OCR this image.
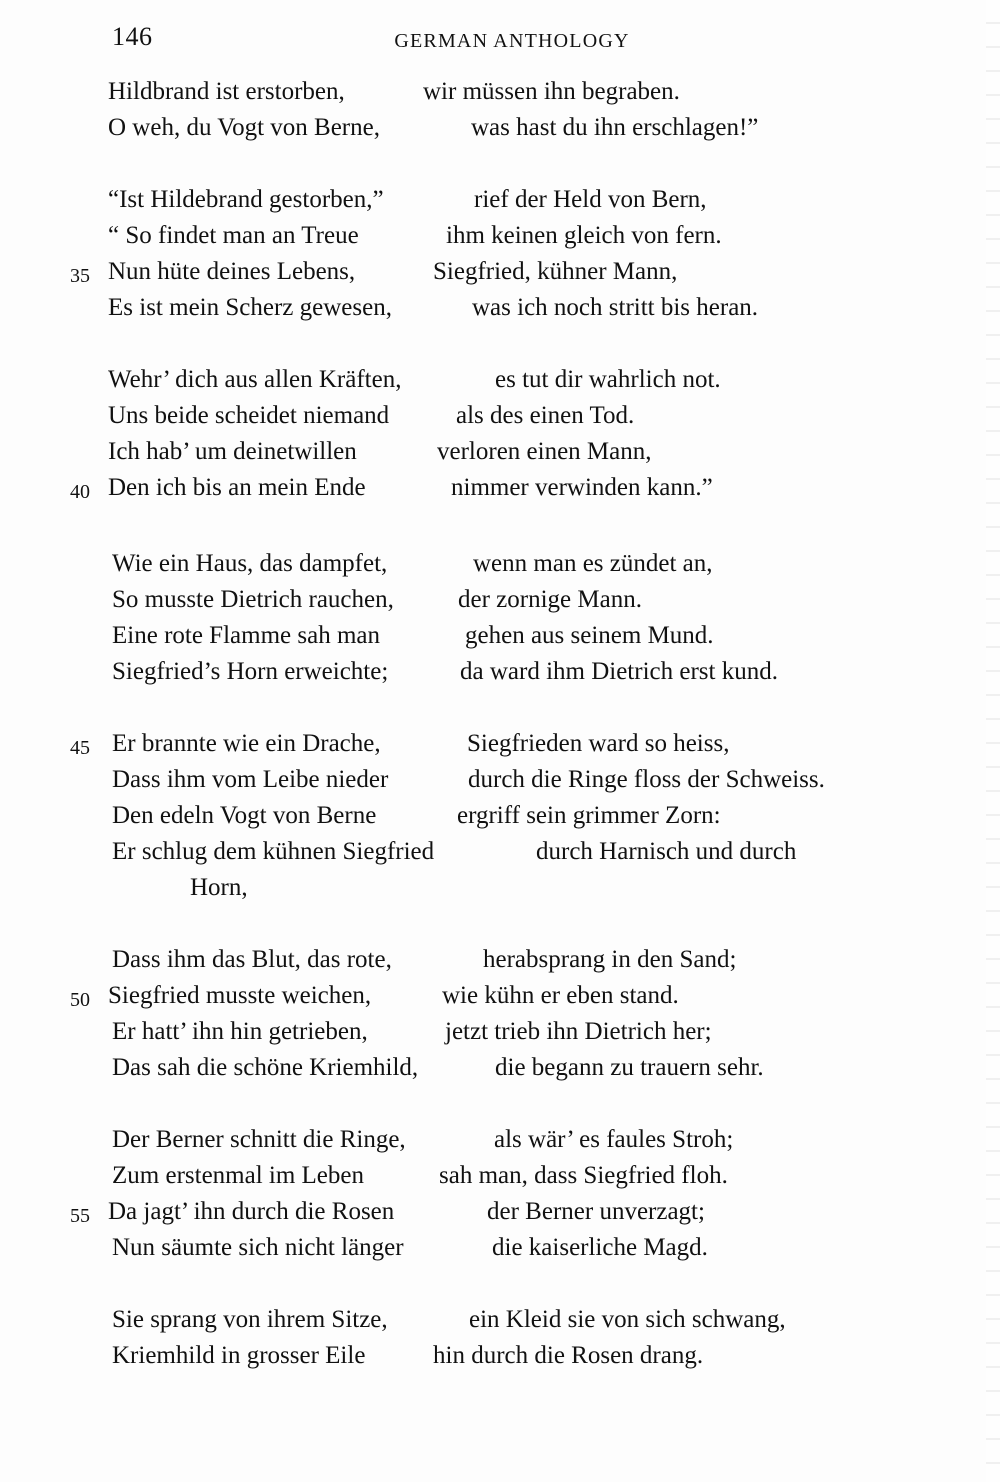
146	GERMAN ANTHOLOGY
Hildbrand ist erstorben,	wir müssen ihn begraben.
O weh, du Vogt von Berne,	was hast du ihn erschlagen!”
“Ist Hildebrand gestorben,”	rief der Held von Bern,
“ So findet man an Treue	ihm keinen gleich von fern.
35 Nun hüte deines Lebens,	Siegfried, kühner Mann,
Es ist mein Scherz gewesen,	was ich noch stritt bis heran.
Wehr’ dich aus allen Kräften,	es tut dir wahrlich not.
Uns beide scheidet niemand	als des einen Tod.
Ich hab’ um deinetwillen	verloren einen Mann,
40 Den ich bis an mein Ende	nimmer verwinden kann.”
Wie ein Haus, das dampfet,	wenn man es zündet an,
So musste Dietrich rauchen,	der zornige Mann.
Eine rote Flamme sah man	gehen aus seinem Mund.
Siegfried’s Horn erweichte;	da ward ihm Dietrich erst kund.
45 Er brannte wie ein Drache,	Siegfrieden ward so heiss,
Dass ihm vom Leibe nieder	durch die Ringe floss der Schweiss.
Den edeln Vogt von Berne	ergriff sein grimmer Zorn:
Er schlug dem kühnen Siegfried	durch Harnisch und durch
Horn,
Dass ihm das Blut, das rote,	herabsprang in den Sand;
50 Siegfried musste weichen,	wie kühn er eben stand.
Er hatt’ ihn hin getrieben,	jetzt trieb ihn Dietrich her;
Das sah die schöne Kriemhild,	die begann zu trauern sehr.
Der Berner schnitt die Ringe,	als wär’ es faules Stroh;
Zum erstenmal im Leben	sah man, dass Siegfried floh.
55 Da jagt’ ihn durch die Rosen	der Berner unverzagt;
Nun säumte sich nicht länger	die kaiserliche Magd.
Sie sprang von ihrem Sitze,	ein Kleid sie von sich schwang,
Kriemhild in grosser Eile	hin durch die Rosen drang.
